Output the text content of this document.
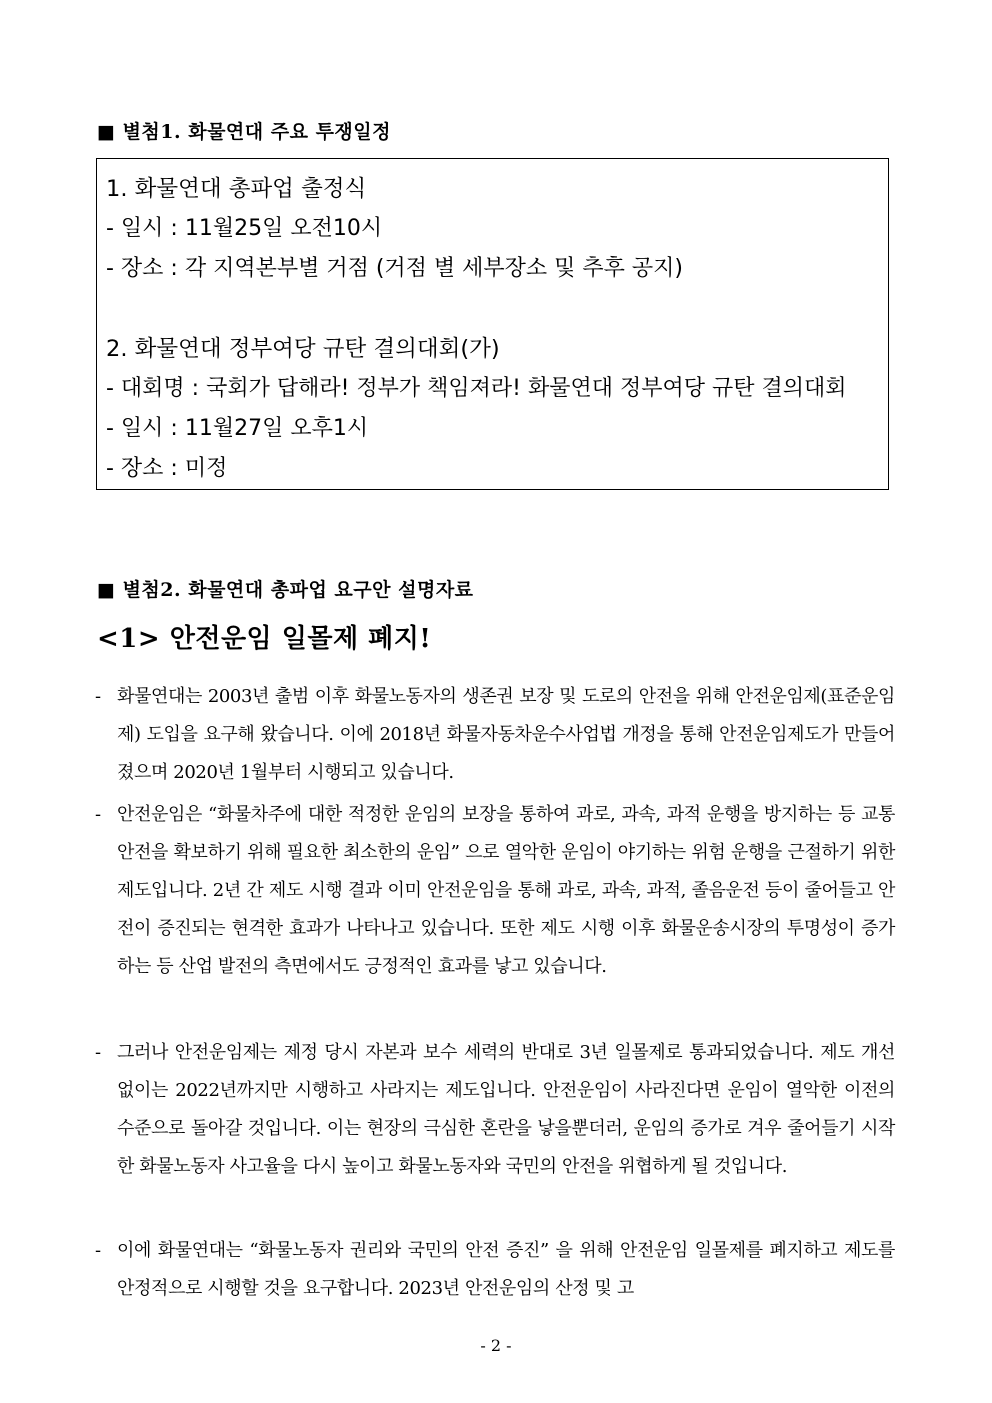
■ 별첨1. 화물연대 주요 투쟁일정
1. 화물연대 총파업 출정식
- 일시 : 11월25일 오전10시
- 장소 : 각 지역본부별 거점 (거점 별 세부장소 및 추후 공지)
2. 화물연대 정부여당 규탄 결의대회(가)
- 대회명 : 국회가 답해라! 정부가 책임져라! 화물연대 정부여당 규탄 결의대회
- 일시 : 11월27일 오후1시
- 장소 : 미정
■ 별첨2. 화물연대 총파업 요구안 설명자료
<1> 안전운임 일몰제 폐지!
- 화물연대는 2003년 출범 이후 화물노동자의 생존권 보장 및 도로의 안전을 위해 안전운임제(표준운임제) 도입을 요구해 왔습니다. 이에 2018년 화물자동차운수사업법 개정을 통해 안전운임제도가 만들어졌으며 2020년 1월부터 시행되고 있습니다.
- 안전운임은 “화물차주에 대한 적정한 운임의 보장을 통하여 과로, 과속, 과적 운행을 방지하는 등 교통안전을 확보하기 위해 필요한 최소한의 운임” 으로 열악한 운임이 야기하는 위험 운행을 근절하기 위한 제도입니다. 2년 간 제도 시행 결과 이미 안전운임을 통해 과로, 과속, 과적, 졸음운전 등이 줄어들고 안전이 증진되는 현격한 효과가 나타나고 있습니다. 또한 제도 시행 이후 화물운송시장의 투명성이 증가하는 등 산업 발전의 측면에서도 긍정적인 효과를 낳고 있습니다.
- 그러나 안전운임제는 제정 당시 자본과 보수 세력의 반대로 3년 일몰제로 통과되었습니다. 제도 개선 없이는 2022년까지만 시행하고 사라지는 제도입니다. 안전운임이 사라진다면 운임이 열악한 이전의 수준으로 돌아갈 것입니다. 이는 현장의 극심한 혼란을 낳을뿐더러, 운임의 증가로 겨우 줄어들기 시작한 화물노동자 사고율을 다시 높이고 화물노동자와 국민의 안전을 위협하게 될 것입니다.
- 이에 화물연대는 “화물노동자 권리와 국민의 안전 증진” 을 위해 안전운임 일몰제를 폐지하고 제도를 안정적으로 시행할 것을 요구합니다. 2023년 안전운임의 산정 및 고
- 2 -
